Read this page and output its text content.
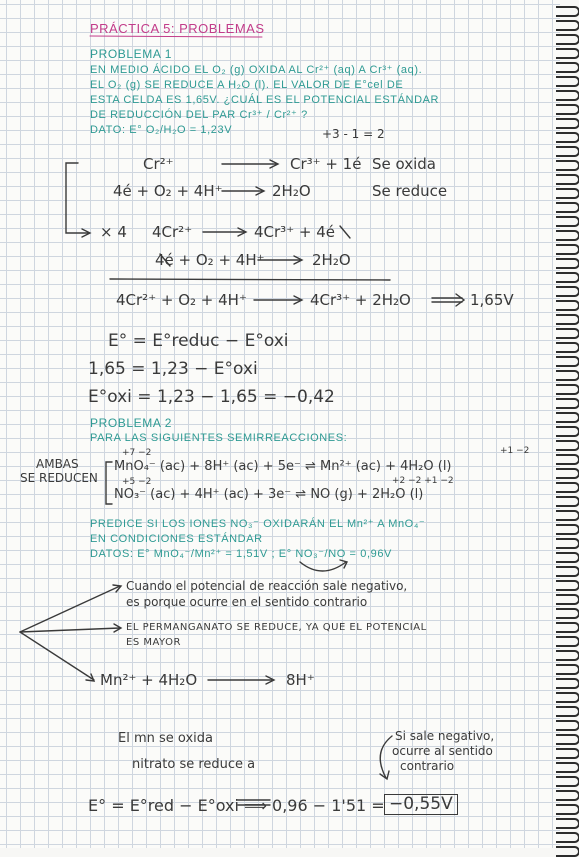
PRÁCTICA 5: PROBLEMAS
PROBLEMA 1
EN MEDIO ÁCIDO EL O₂ (g) OXIDA AL Cr²⁺ (aq) A Cr³⁺ (aq).
EL O₂ (g) SE REDUCE A H₂O (l). EL VALOR DE E°cel DE
ESTA CELDA ES 1,65V. ¿CUÁL ES EL POTENCIAL ESTÁNDAR
DE REDUCCIÓN DEL PAR Cr³⁺ / Cr²⁺ ?
DATO: E° O₂/H₂O = 1,23V	+3 - 1 = 2
Cr²⁺	Cr³⁺ + 1é Se oxida
4é + O₂ + 4H⁺	2H₂O	Se reduce
× 4 4Cr²⁺	4Cr³⁺ + 4é
4é + O₂ + 4H⁺	2H₂O
4Cr²⁺ + O₂ + 4H⁺	4Cr³⁺ + 2H₂O	1,65V
E° = E°reduc − E°oxi
1,65 = 1,23 − E°oxi
E°oxi = 1,23 − 1,65 = −0,42
PROBLEMA 2
PARA LAS SIGUIENTES SEMIRREACCIONES:
AMBAS
SE REDUCEN
+7 −2	+1 −2
MnO₄⁻ (ac) + 8H⁺ (ac) + 5e⁻ ⇌ Mn²⁺ (ac) + 4H₂O (l)
+5 −2	+2 −2 +1 −2
NO₃⁻ (ac) + 4H⁺ (ac) + 3e⁻ ⇌ NO (g) + 2H₂O (l)
PREDICE SI LOS IONES NO₃⁻ OXIDARÁN EL Mn²⁺ A MnO₄⁻
EN CONDICIONES ESTÁNDAR
DATOS: E° MnO₄⁻/Mn²⁺ = 1,51V ; E° NO₃⁻/NO = 0,96V
Cuando el potencial de reacción sale negativo,
es porque ocurre en el sentido contrario
EL PERMANGANATO SE REDUCE, YA QUE EL POTENCIAL
ES MAYOR
Mn²⁺ + 4H₂O	8H⁺
El mn se oxida
nitrato se reduce a
Si sale negativo,
ocurre al sentido
contrario
E° = E°red − E°oxi ⟹ 0,96 − 1'51 = −0,55V
